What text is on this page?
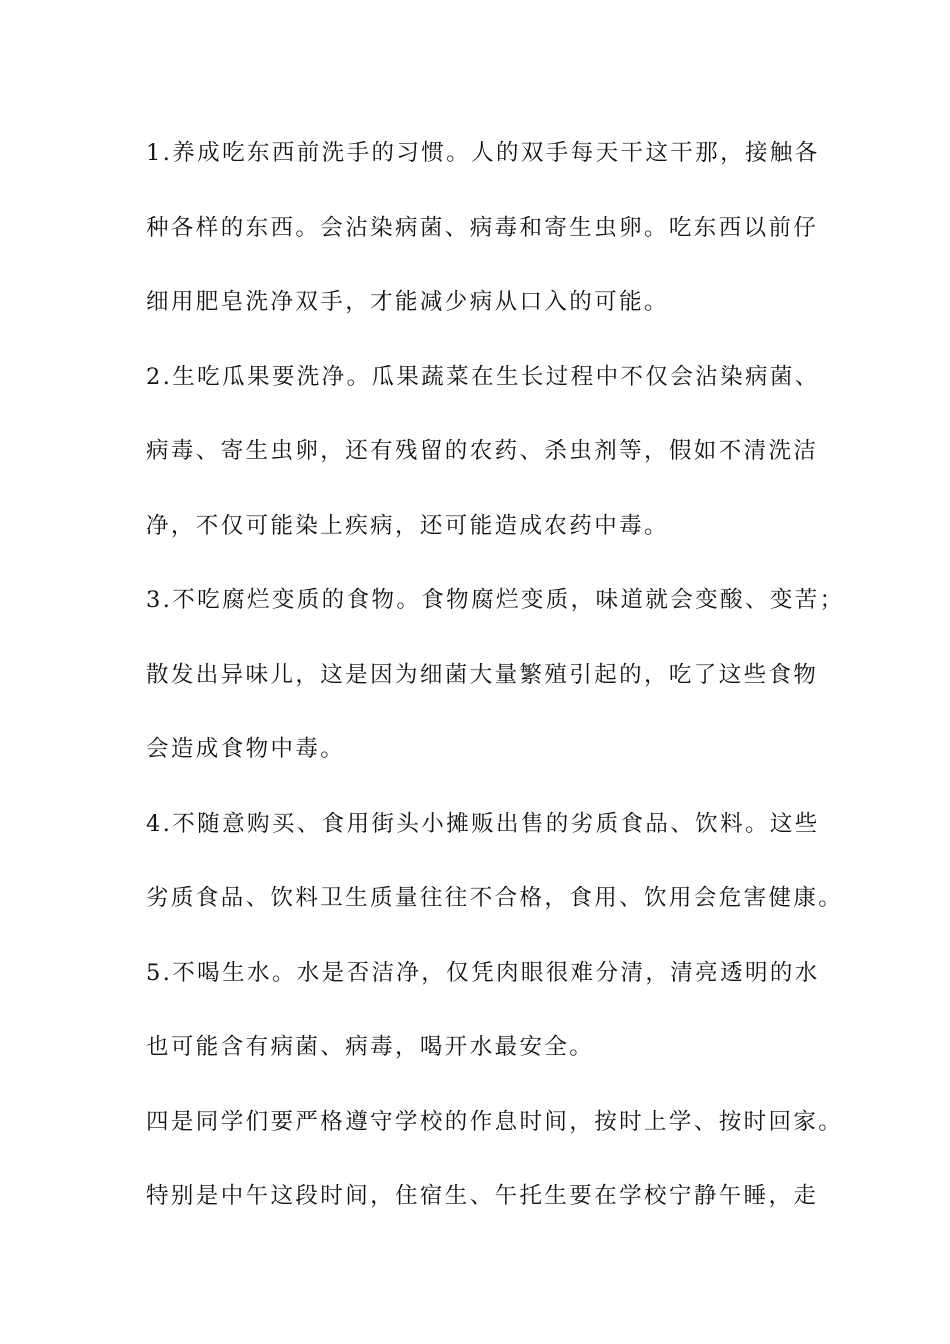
1.养成吃东西前洗手的习惯。人的双手每天干这干那，接触各
种各样的东西。会沾染病菌、病毒和寄生虫卵。吃东西以前仔
细用肥皂洗净双手，才能减少病从口入的可能。
2.生吃瓜果要洗净。瓜果蔬菜在生长过程中不仅会沾染病菌、
病毒、寄生虫卵，还有残留的农药、杀虫剂等，假如不清洗洁
净，不仅可能染上疾病，还可能造成农药中毒。
3.不吃腐烂变质的食物。食物腐烂变质，味道就会变酸、变苦；
散发出异味儿，这是因为细菌大量繁殖引起的，吃了这些食物
会造成食物中毒。
4.不随意购买、食用街头小摊贩出售的劣质食品、饮料。这些
劣质食品、饮料卫生质量往往不合格，食用、饮用会危害健康。
5.不喝生水。水是否洁净，仅凭肉眼很难分清，清亮透明的水
也可能含有病菌、病毒，喝开水最安全。
四是同学们要严格遵守学校的作息时间，按时上学、按时回家。
特别是中午这段时间，住宿生、午托生要在学校宁静午睡，走
